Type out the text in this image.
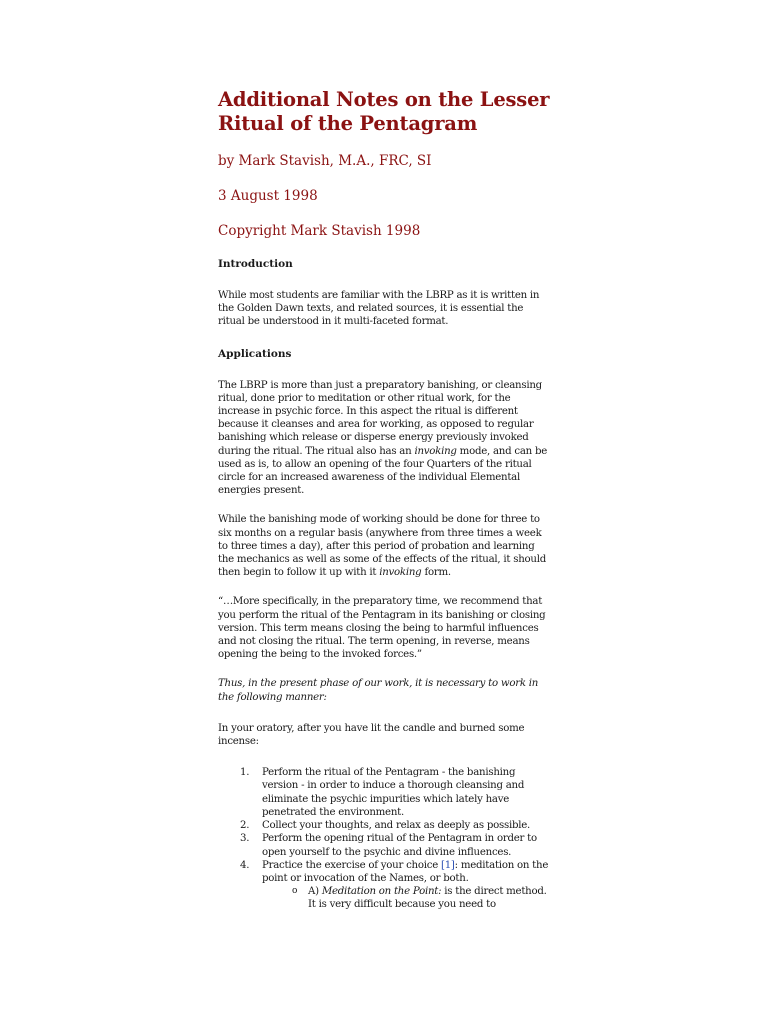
Additional Notes on the Lesser Ritual of the Pentagram

by Mark Stavish, M.A., FRC, SI

3 August 1998

Copyright Mark Stavish 1998

Introduction

While most students are familiar with the LBRP as it is written in the Golden Dawn texts, and related sources, it is essential the ritual be understood in it multi-faceted format.

Applications

The LBRP is more than just a preparatory banishing, or cleansing ritual, done prior to meditation or other ritual work, for the increase in psychic force. In this aspect the ritual is different because it cleanses and area for working, as opposed to regular banishing which release or disperse energy previously invoked during the ritual. The ritual also has an invoking mode, and can be used as is, to allow an opening of the four Quarters of the ritual circle for an increased awareness of the individual Elemental energies present.

While the banishing mode of working should be done for three to six months on a regular basis (anywhere from three times a week to three times a day), after this period of probation and learning the mechanics as well as some of the effects of the ritual, it should then begin to follow it up with it invoking form.

“…More specifically, in the preparatory time, we recommend that you perform the ritual of the Pentagram in its banishing or closing version. This term means closing the being to harmful influences and not closing the ritual. The term opening, in reverse, means opening the being to the invoked forces.”

Thus, in the present phase of our work, it is necessary to work in the following manner:

In your oratory, after you have lit the candle and burned some incense:

1. Perform the ritual of the Pentagram - the banishing version - in order to induce a thorough cleansing and eliminate the psychic impurities which lately have penetrated the environment.
2. Collect your thoughts, and relax as deeply as possible.
3. Perform the opening ritual of the Pentagram in order to open yourself to the psychic and divine influences.
4. Practice the exercise of your choice [1]: meditation on the point or invocation of the Names, or both.
o A) Meditation on the Point: is the direct method. It is very difficult because you need to
